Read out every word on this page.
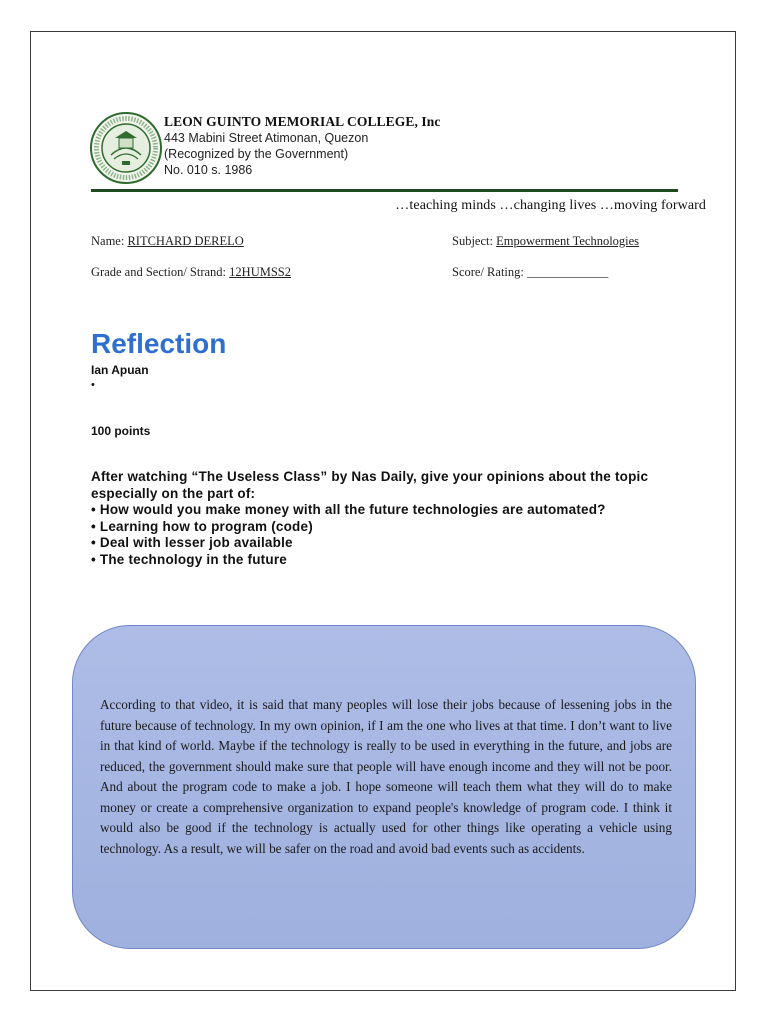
LEON GUINTO MEMORIAL COLLEGE, Inc
443 Mabini Street Atimonan, Quezon
(Recognized by the Government)
No. 010 s. 1986
…teaching minds …changing lives …moving forward
Name: RITCHARD DERELO	Subject: Empowerment Technologies
Grade and Section/ Strand: 12HUMSS2	Score/ Rating: _____________
Reflection
Ian Apuan
•
100 points
After watching “The Useless Class” by Nas Daily, give your opinions about the topic especially on the part of:
• How would you make money with all the future technologies are automated?
• Learning how to program (code)
• Deal with lesser job available
• The technology in the future
According to that video, it is said that many peoples will lose their jobs because of lessening jobs in the future because of technology. In my own opinion, if I am the one who lives at that time. I don’t want to live in that kind of world. Maybe if the technology is really to be used in everything in the future, and jobs are reduced, the government should make sure that people will have enough income and they will not be poor. And about the program code to make a job. I hope someone will teach them what they will do to make money or create a comprehensive organization to expand people's knowledge of program code. I think it would also be good if the technology is actually used for other things like operating a vehicle using technology. As a result, we will be safer on the road and avoid bad events such as accidents.
